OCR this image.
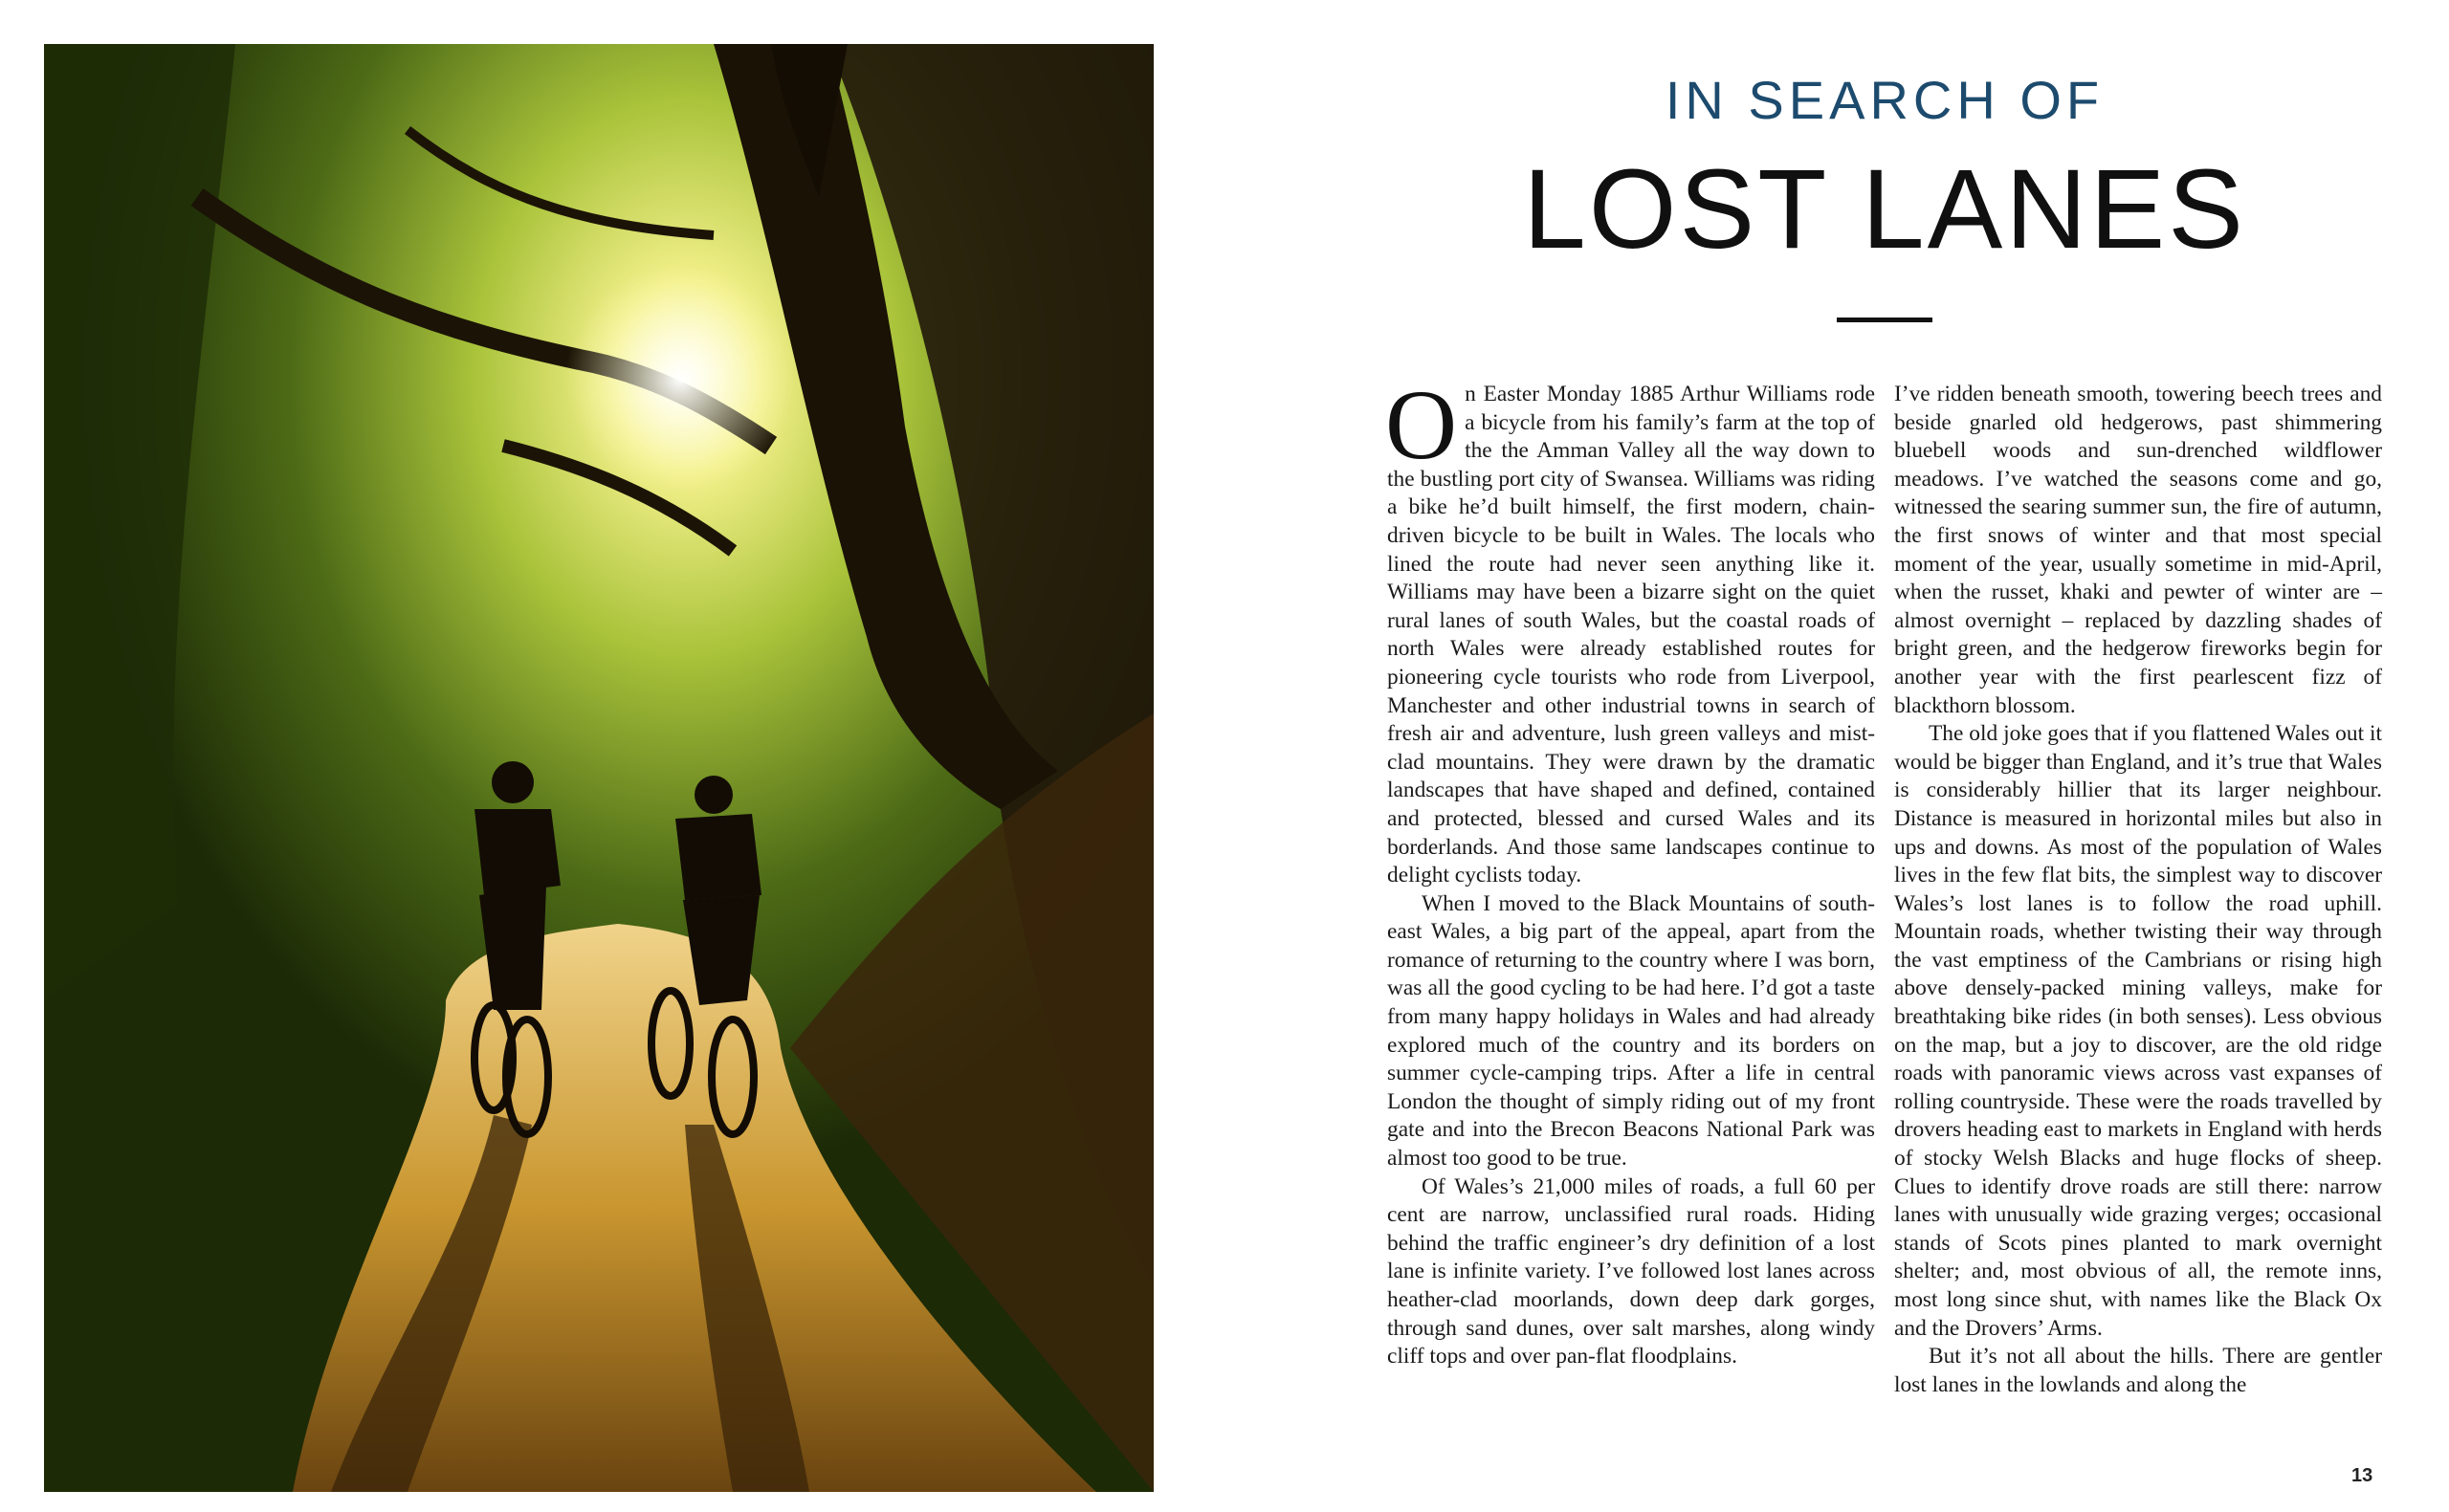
IN SEARCH OF
LOST LANES

On Easter Monday 1885 Arthur Williams rode a bicycle from his family’s farm at the top of the the Amman Valley all the way down to the bustling port city of Swansea. Williams was riding a bike he’d built himself, the first modern, chain-driven bicycle to be built in Wales. The locals who lined the route had never seen anything like it. Williams may have been a bizarre sight on the quiet rural lanes of south Wales, but the coastal roads of north Wales were already established routes for pioneering cycle tourists who rode from Liverpool, Manchester and other industrial towns in search of fresh air and adventure, lush green valleys and mist-clad mountains. They were drawn by the dramatic landscapes that have shaped and defined, contained and protected, blessed and cursed Wales and its borderlands. And those same landscapes continue to delight cyclists today.

When I moved to the Black Mountains of south-east Wales, a big part of the appeal, apart from the romance of returning to the country where I was born, was all the good cycling to be had here. I’d got a taste from many happy holidays in Wales and had already explored much of the country and its borders on summer cycle-camping trips. After a life in central London the thought of simply riding out of my front gate and into the Brecon Beacons National Park was almost too good to be true.

Of Wales’s 21,000 miles of roads, a full 60 per cent are narrow, unclassified rural roads. Hiding behind the traffic engineer’s dry definition of a lost lane is infinite variety. I’ve followed lost lanes across heather-clad moorlands, down deep dark gorges, through sand dunes, over salt marshes, along windy cliff tops and over pan-flat floodplains.

I’ve ridden beneath smooth, towering beech trees and beside gnarled old hedgerows, past shimmering bluebell woods and sun-drenched wildflower meadows. I’ve watched the seasons come and go, witnessed the searing summer sun, the fire of autumn, the first snows of winter and that most special moment of the year, usually sometime in mid-April, when the russet, khaki and pewter of winter are – almost overnight – replaced by dazzling shades of bright green, and the hedgerow fireworks begin for another year with the first pearlescent fizz of blackthorn blossom.

The old joke goes that if you flattened Wales out it would be bigger than England, and it’s true that Wales is considerably hillier that its larger neighbour. Distance is measured in horizontal miles but also in ups and downs. As most of the population of Wales lives in the few flat bits, the simplest way to discover Wales’s lost lanes is to follow the road uphill. Mountain roads, whether twisting their way through the vast emptiness of the Cambrians or rising high above densely-packed mining valleys, make for breathtaking bike rides (in both senses). Less obvious on the map, but a joy to discover, are the old ridge roads with panoramic views across vast expanses of rolling countryside. These were the roads travelled by drovers heading east to markets in England with herds of stocky Welsh Blacks and huge flocks of sheep. Clues to identify drove roads are still there: narrow lanes with unusually wide grazing verges; occasional stands of Scots pines planted to mark overnight shelter; and, most obvious of all, the remote inns, most long since shut, with names like the Black Ox and the Drovers’ Arms.

But it’s not all about the hills. There are gentler lost lanes in the lowlands and along the

13
